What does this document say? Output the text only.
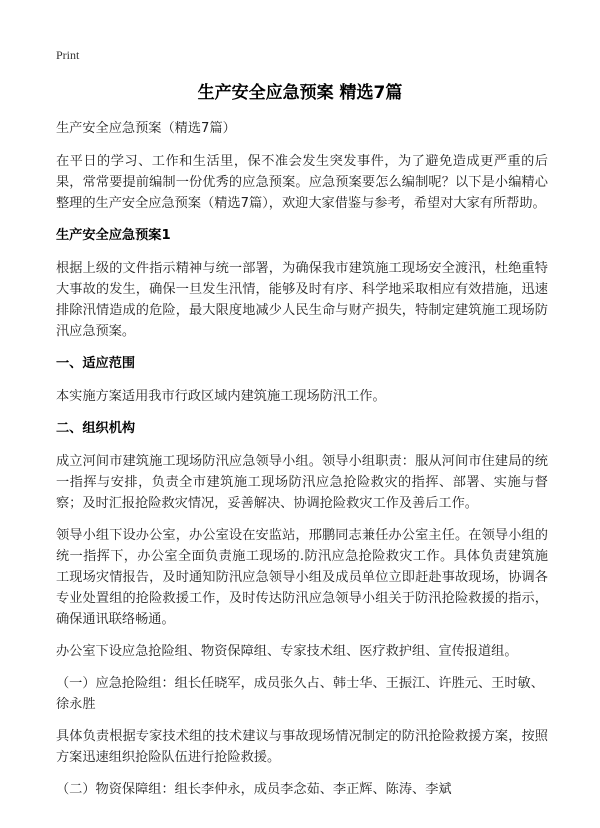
Print
生产安全应急预案 精选7篇

生产安全应急预案（精选7篇）

在平日的学习、工作和生活里，保不准会发生突发事件，为了避免造成更严重的后果，常常要提前编制一份优秀的应急预案。应急预案要怎么编制呢？以下是小编精心整理的生产安全应急预案（精选7篇），欢迎大家借鉴与参考，希望对大家有所帮助。

生产安全应急预案1

根据上级的文件指示精神与统一部署，为确保我市建筑施工现场安全渡汛，杜绝重特大事故的发生，确保一旦发生汛情，能够及时有序、科学地采取相应有效措施，迅速排除汛情造成的危险，最大限度地减少人民生命与财产损失，特制定建筑施工现场防汛应急预案。

一、适应范围

本实施方案适用我市行政区域内建筑施工现场防汛工作。

二、组织机构

成立河间市建筑施工现场防汛应急领导小组。领导小组职责：服从河间市住建局的统一指挥与安排，负责全市建筑施工现场防汛应急抢险救灾的指挥、部署、实施与督察；及时汇报抢险救灾情况，妥善解决、协调抢险救灾工作及善后工作。

领导小组下设办公室，办公室设在安监站，邢鹏同志兼任办公室主任。在领导小组的统一指挥下，办公室全面负责施工现场的.防汛应急抢险救灾工作。具体负责建筑施工现场灾情报告，及时通知防汛应急领导小组及成员单位立即赶赴事故现场，协调各专业处置组的抢险救援工作，及时传达防汛应急领导小组关于防汛抢险救援的指示，确保通讯联络畅通。

办公室下设应急抢险组、物资保障组、专家技术组、医疗救护组、宣传报道组。

（一）应急抢险组：组长任晓军，成员张久占、韩士华、王振江、许胜元、王时敏、徐永胜

具体负责根据专家技术组的技术建议与事故现场情况制定的防汛抢险救援方案，按照方案迅速组织抢险队伍进行抢险救援。

（二）物资保障组：组长李仲永，成员李念茹、李正辉、陈涛、李斌
